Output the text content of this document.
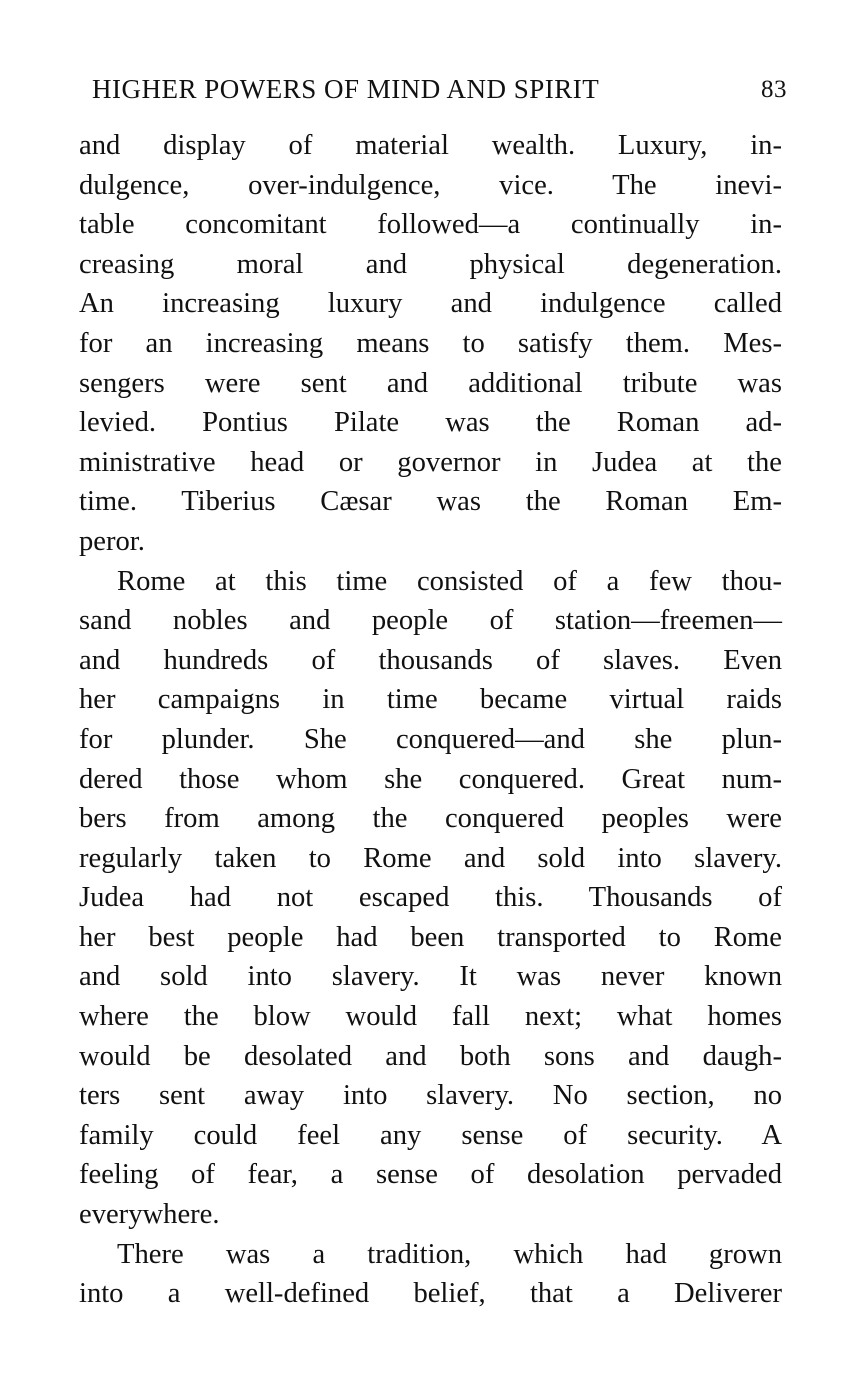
HIGHER POWERS OF MIND AND SPIRIT	83
and display of material wealth. Luxury, in-
dulgence, over-indulgence, vice. The inevi-
table concomitant followed—a continually in-
creasing moral and physical degeneration.
An increasing luxury and indulgence called
for an increasing means to satisfy them. Mes-
sengers were sent and additional tribute was
levied. Pontius Pilate was the Roman ad-
ministrative head or governor in Judea at the
time. Tiberius Cæsar was the Roman Em-
peror.
Rome at this time consisted of a few thou-
sand nobles and people of station—freemen—
and hundreds of thousands of slaves. Even
her campaigns in time became virtual raids
for plunder. She conquered—and she plun-
dered those whom she conquered. Great num-
bers from among the conquered peoples were
regularly taken to Rome and sold into slavery.
Judea had not escaped this. Thousands of
her best people had been transported to Rome
and sold into slavery. It was never known
where the blow would fall next; what homes
would be desolated and both sons and daugh-
ters sent away into slavery. No section, no
family could feel any sense of security. A
feeling of fear, a sense of desolation pervaded
everywhere.
There was a tradition, which had grown
into a well-defined belief, that a Deliverer
